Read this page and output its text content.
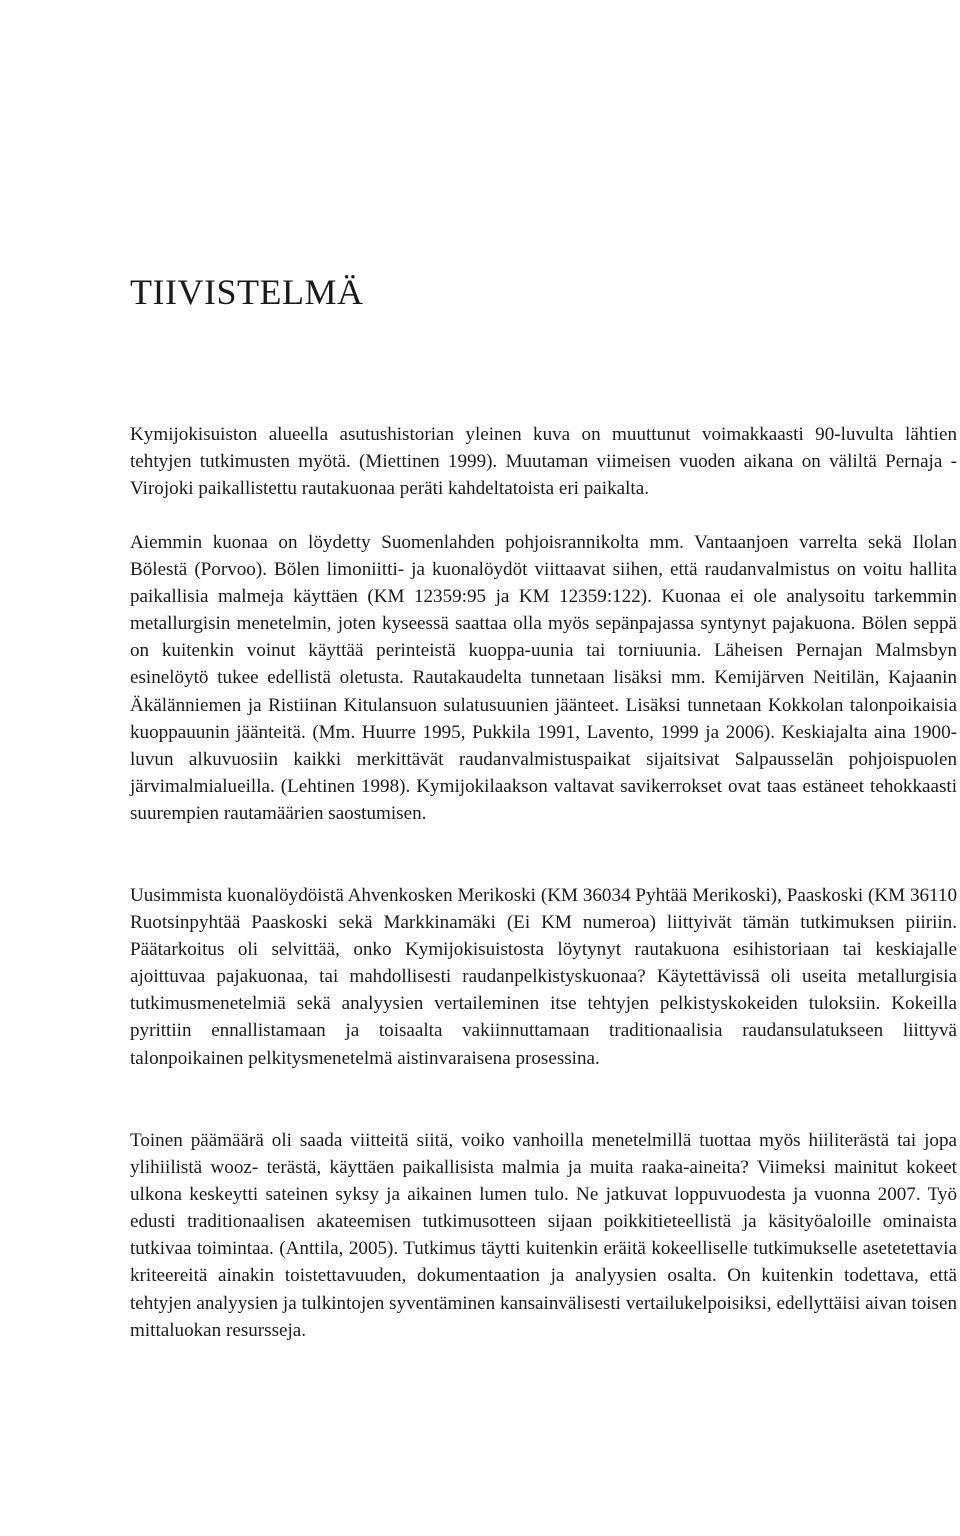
TIIVISTELMÄ

Kymijokisuiston alueella asutushistorian yleinen kuva on muuttunut voimakkaasti 90-luvulta lähtien tehtyjen tutkimusten myötä. (Miettinen 1999). Muutaman viimeisen vuoden aikana on väliltä Pernaja - Virojoki paikallistettu rautakuonaa peräti kahdeltatoista eri paikalta.

Aiemmin kuonaa on löydetty Suomenlahden pohjoisrannikolta mm. Vantaanjoen varrelta sekä Ilolan Bölestä (Porvoo). Bölen limoniitti- ja kuonalöydöt viittaavat siihen, että raudanvalmistus on voitu hallita paikallisia malmeja käyttäen (KM 12359:95 ja KM 12359:122). Kuonaa ei ole analysoitu tarkemmin metallurgisin menetelmin, joten kyseessä saattaa olla myös sepänpajassa syntynyt pajakuona. Bölen seppä on kuitenkin voinut käyttää perinteistä kuoppa-uunia tai torniuunia. Läheisen Pernajan Malmsbyn esinelöytö tukee edellistä oletusta. Rautakaudelta tunnetaan lisäksi mm. Kemijärven Neitilän, Kajaanin Äkälänniemen ja Ristiinan Kitulansuon sulatusuunien jäänteet. Lisäksi tunnetaan Kokkolan talonpoikaisia kuoppauunin jäänteitä. (Mm. Huurre 1995, Pukkila 1991, Lavento, 1999 ja 2006). Keskiajalta aina 1900- luvun alkuvuosiin kaikki merkittävät raudanvalmistuspaikat sijaitsivat Salpausselän pohjoispuolen järvimalmialueilla. (Lehtinen 1998). Kymijokilaakson valtavat savikerrokset ovat taas estäneet tehokkaasti suurempien rautamäärien saostumisen.

Uusimmista kuonalöydöistä Ahvenkosken Merikoski (KM 36034 Pyhtää Merikoski), Paaskoski (KM 36110 Ruotsinpyhtää Paaskoski sekä Markkinamäki (Ei KM numeroa) liittyivät tämän tutkimuksen piiriin. Päätarkoitus oli selvittää, onko Kymijokisuistosta löytynyt rautakuona esihistoriaan tai keskiajalle ajoittuvaa pajakuonaa, tai mahdollisesti raudanpelkistyskuonaa? Käytettävissä oli useita metallurgisia tutkimusmenetelmiä sekä analyysien vertaileminen itse tehtyjen pelkistyskokeiden tuloksiin. Kokeilla pyrittiin ennallistamaan ja toisaalta vakiinnuttamaan traditionaalisia raudansulatukseen liittyvä talonpoikainen pelkitysmenetelmä aistinvaraisena prosessina.

Toinen päämäärä oli saada viitteitä siitä, voiko vanhoilla menetelmillä tuottaa myös hiiliterästä tai jopa ylihiilistä wooz- terästä, käyttäen paikallisista malmia ja muita raaka-aineita? Viimeksi mainitut kokeet ulkona keskeytti sateinen syksy ja aikainen lumen tulo. Ne jatkuvat loppuvuodesta ja vuonna 2007. Työ edusti traditionaalisen akateemisen tutkimusotteen sijaan poikkitieteellistä ja käsityöaloille ominaista tutkivaa toimintaa. (Anttila, 2005). Tutkimus täytti kuitenkin eräitä kokeelliselle tutkimukselle asetetettavia kriteereitä ainakin toistettavuuden, dokumentaation ja analyysien osalta. On kuitenkin todettava, että tehtyjen analyysien ja tulkintojen syventäminen kansainvälisesti vertailukelpoisiksi, edellyttäisi aivan toisen mittaluokan resursseja.
